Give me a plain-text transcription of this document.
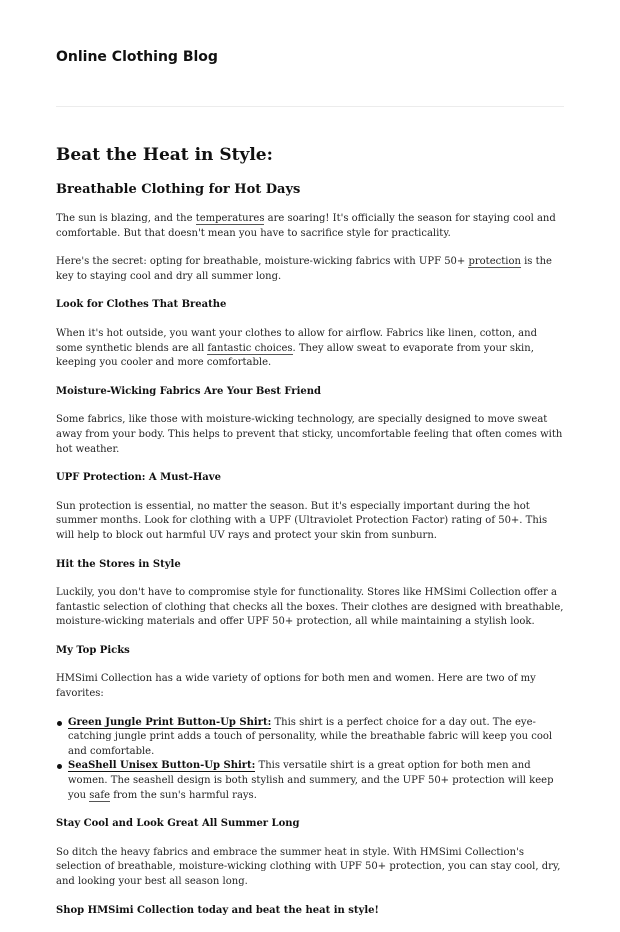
Online Clothing Blog
Beat the Heat in Style:
Breathable Clothing for Hot Days

The sun is blazing, and the temperatures are soaring! It's officially the season for staying cool and comfortable. But that doesn't mean you have to sacrifice style for practicality.

Here's the secret: opting for breathable, moisture-wicking fabrics with UPF 50+ protection is the key to staying cool and dry all summer long.

Look for Clothes That Breathe

When it's hot outside, you want your clothes to allow for airflow. Fabrics like linen, cotton, and some synthetic blends are all fantastic choices. They allow sweat to evaporate from your skin, keeping you cooler and more comfortable.

Moisture-Wicking Fabrics Are Your Best Friend

Some fabrics, like those with moisture-wicking technology, are specially designed to move sweat away from your body. This helps to prevent that sticky, uncomfortable feeling that often comes with hot weather.

UPF Protection: A Must-Have

Sun protection is essential, no matter the season. But it's especially important during the hot summer months. Look for clothing with a UPF (Ultraviolet Protection Factor) rating of 50+. This will help to block out harmful UV rays and protect your skin from sunburn.

Hit the Stores in Style

Luckily, you don't have to compromise style for functionality. Stores like HMSimi Collection offer a fantastic selection of clothing that checks all the boxes. Their clothes are designed with breathable, moisture-wicking materials and offer UPF 50+ protection, all while maintaining a stylish look.

My Top Picks

HMSimi Collection has a wide variety of options for both men and women. Here are two of my favorites:

Green Jungle Print Button-Up Shirt: This shirt is a perfect choice for a day out. The eye-catching jungle print adds a touch of personality, while the breathable fabric will keep you cool and comfortable.
SeaShell Unisex Button-Up Shirt: This versatile shirt is a great option for both men and women. The seashell design is both stylish and summery, and the UPF 50+ protection will keep you safe from the sun's harmful rays.
Stay Cool and Look Great All Summer Long

So ditch the heavy fabrics and embrace the summer heat in style. With HMSimi Collection's selection of breathable, moisture-wicking clothing with UPF 50+ protection, you can stay cool, dry, and looking your best all season long.

Shop HMSimi Collection today and beat the heat in style!
